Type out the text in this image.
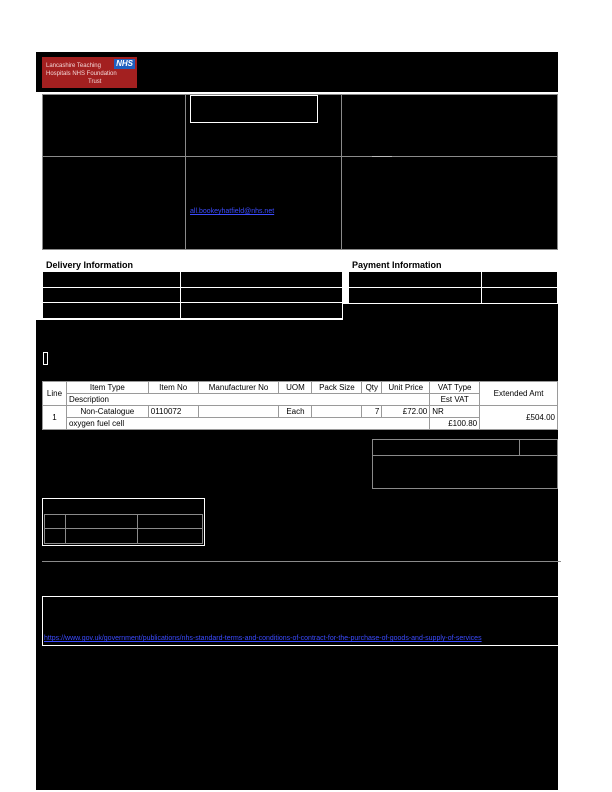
NHS
Lancashire Teaching
Hospitals NHS Foundation
Trust
all.bookeyhatfield@nhs.net
Delivery Information	Payment Information
Line	Item Type	Item No	Manufacturer No	UOM	Pack Size	Qty	Unit Price	VAT Type	Extended Amt
	Description							Est VAT	
1	Non-Catalogue	0110072		Each		7	£72.00	NR	£504.00
	oxygen fuel cell							£100.80	
https://www.gov.uk/government/publications/nhs-standard-terms-and-conditions-of-contract-for-the-purchase-of-goods-and-supply-of-services
